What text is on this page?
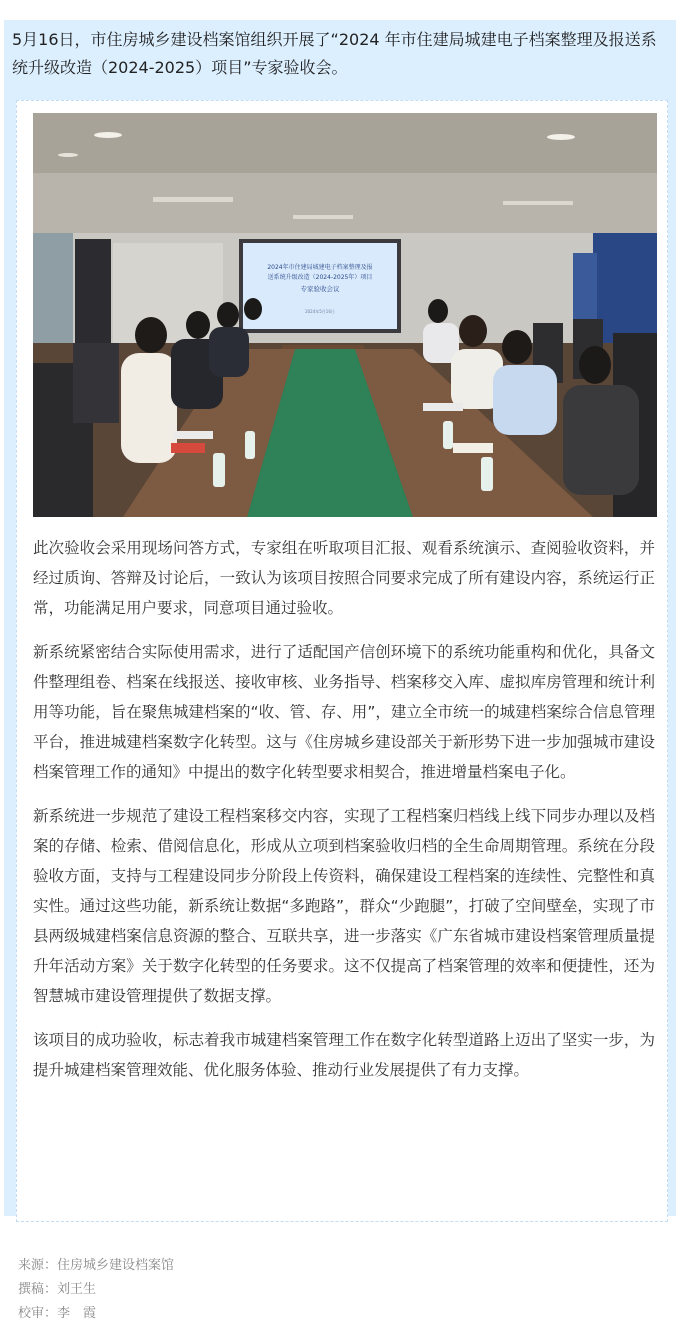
5月16日，市住房城乡建设档案馆组织开展了“2024 年市住建局城建电子档案整理及报送系统升级改造（2024-2025）项目”专家验收会。
2024年市住建局城建电子档案整理及报
送系统升级改造（2024-2025年）项目
专家验收会议
2024年5月16日

此次验收会采用现场问答方式，专家组在听取项目汇报、观看系统演示、查阅验收资料，并经过质询、答辩及讨论后，一致认为该项目按照合同要求完成了所有建设内容，系统运行正常，功能满足用户要求，同意项目通过验收。

新系统紧密结合实际使用需求，进行了适配国产信创环境下的系统功能重构和优化，具备文件整理组卷、档案在线报送、接收审核、业务指导、档案移交入库、虚拟库房管理和统计利用等功能，旨在聚焦城建档案的“收、管、存、用”，建立全市统一的城建档案综合信息管理平台，推进城建档案数字化转型。这与《住房城乡建设部关于新形势下进一步加强城市建设档案管理工作的通知》中提出的数字化转型要求相契合，推进增量档案电子化。

新系统进一步规范了建设工程档案移交内容，实现了工程档案归档线上线下同步办理以及档案的存储、检索、借阅信息化，形成从立项到档案验收归档的全生命周期管理。系统在分段验收方面，支持与工程建设同步分阶段上传资料，确保建设工程档案的连续性、完整性和真实性。通过这些功能，新系统让数据“多跑路”，群众“少跑腿”，打破了空间壁垒，实现了市县两级城建档案信息资源的整合、互联共享，进一步落实《广东省城市建设档案管理质量提升年活动方案》关于数字化转型的任务要求。这不仅提高了档案管理的效率和便捷性，还为智慧城市建设管理提供了数据支撑。

该项目的成功验收，标志着我市城建档案管理工作在数字化转型道路上迈出了坚实一步，为提升城建档案管理效能、优化服务体验、推动行业发展提供了有力支撑。

来源：住房城乡建设档案馆
撰稿：刘王生
校审：李　霞
